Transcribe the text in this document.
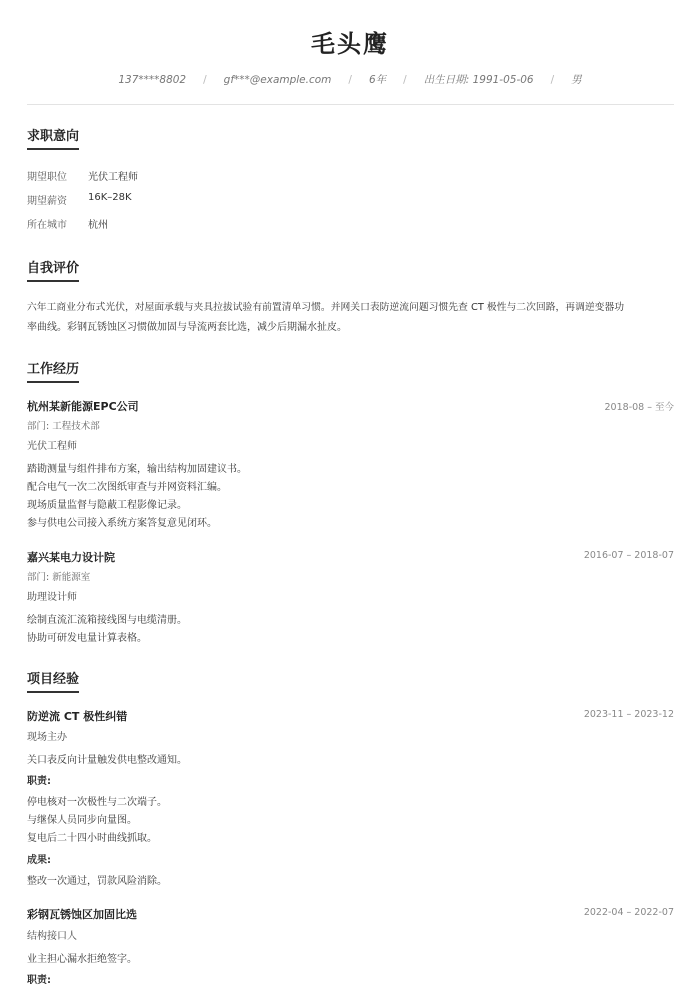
毛头鹰
137****8802	/	gf***@example.com	/	6年	/	出生日期: 1991-05-06	/	男
求职意向
期望职位 光伏工程师
期望薪资 16K–28K
所在城市 杭州
自我评价
六年工商业分布式光伏，对屋面承载与夹具拉拔试验有前置清单习惯。并网关口表防逆流问题习惯先查 CT 极性与二次回路，再调逆变器功
率曲线。彩钢瓦锈蚀区习惯做加固与导流两套比选，减少后期漏水扯皮。
工作经历
杭州某新能源EPC公司	2018-08 – 至今
部门: 工程技术部
光伏工程师
踏勘测量与组件排布方案，输出结构加固建议书。
配合电气一次二次图纸审查与并网资料汇编。
现场质量监督与隐蔽工程影像记录。
参与供电公司接入系统方案答复意见闭环。
嘉兴某电力设计院	2016-07 – 2018-07
部门: 新能源室
助理设计师
绘制直流汇流箱接线图与电缆清册。
协助可研发电量计算表格。
项目经验
防逆流 CT 极性纠错	2023-11 – 2023-12
现场主办
关口表反向计量触发供电整改通知。
职责:
停电核对一次极性与二次端子。
与继保人员同步向量图。
复电后二十四小时曲线抓取。
成果:
整改一次通过，罚款风险消除。
彩钢瓦锈蚀区加固比选	2022-04 – 2022-07
结构接口人
业主担心漏水拒绝签字。
职责:
